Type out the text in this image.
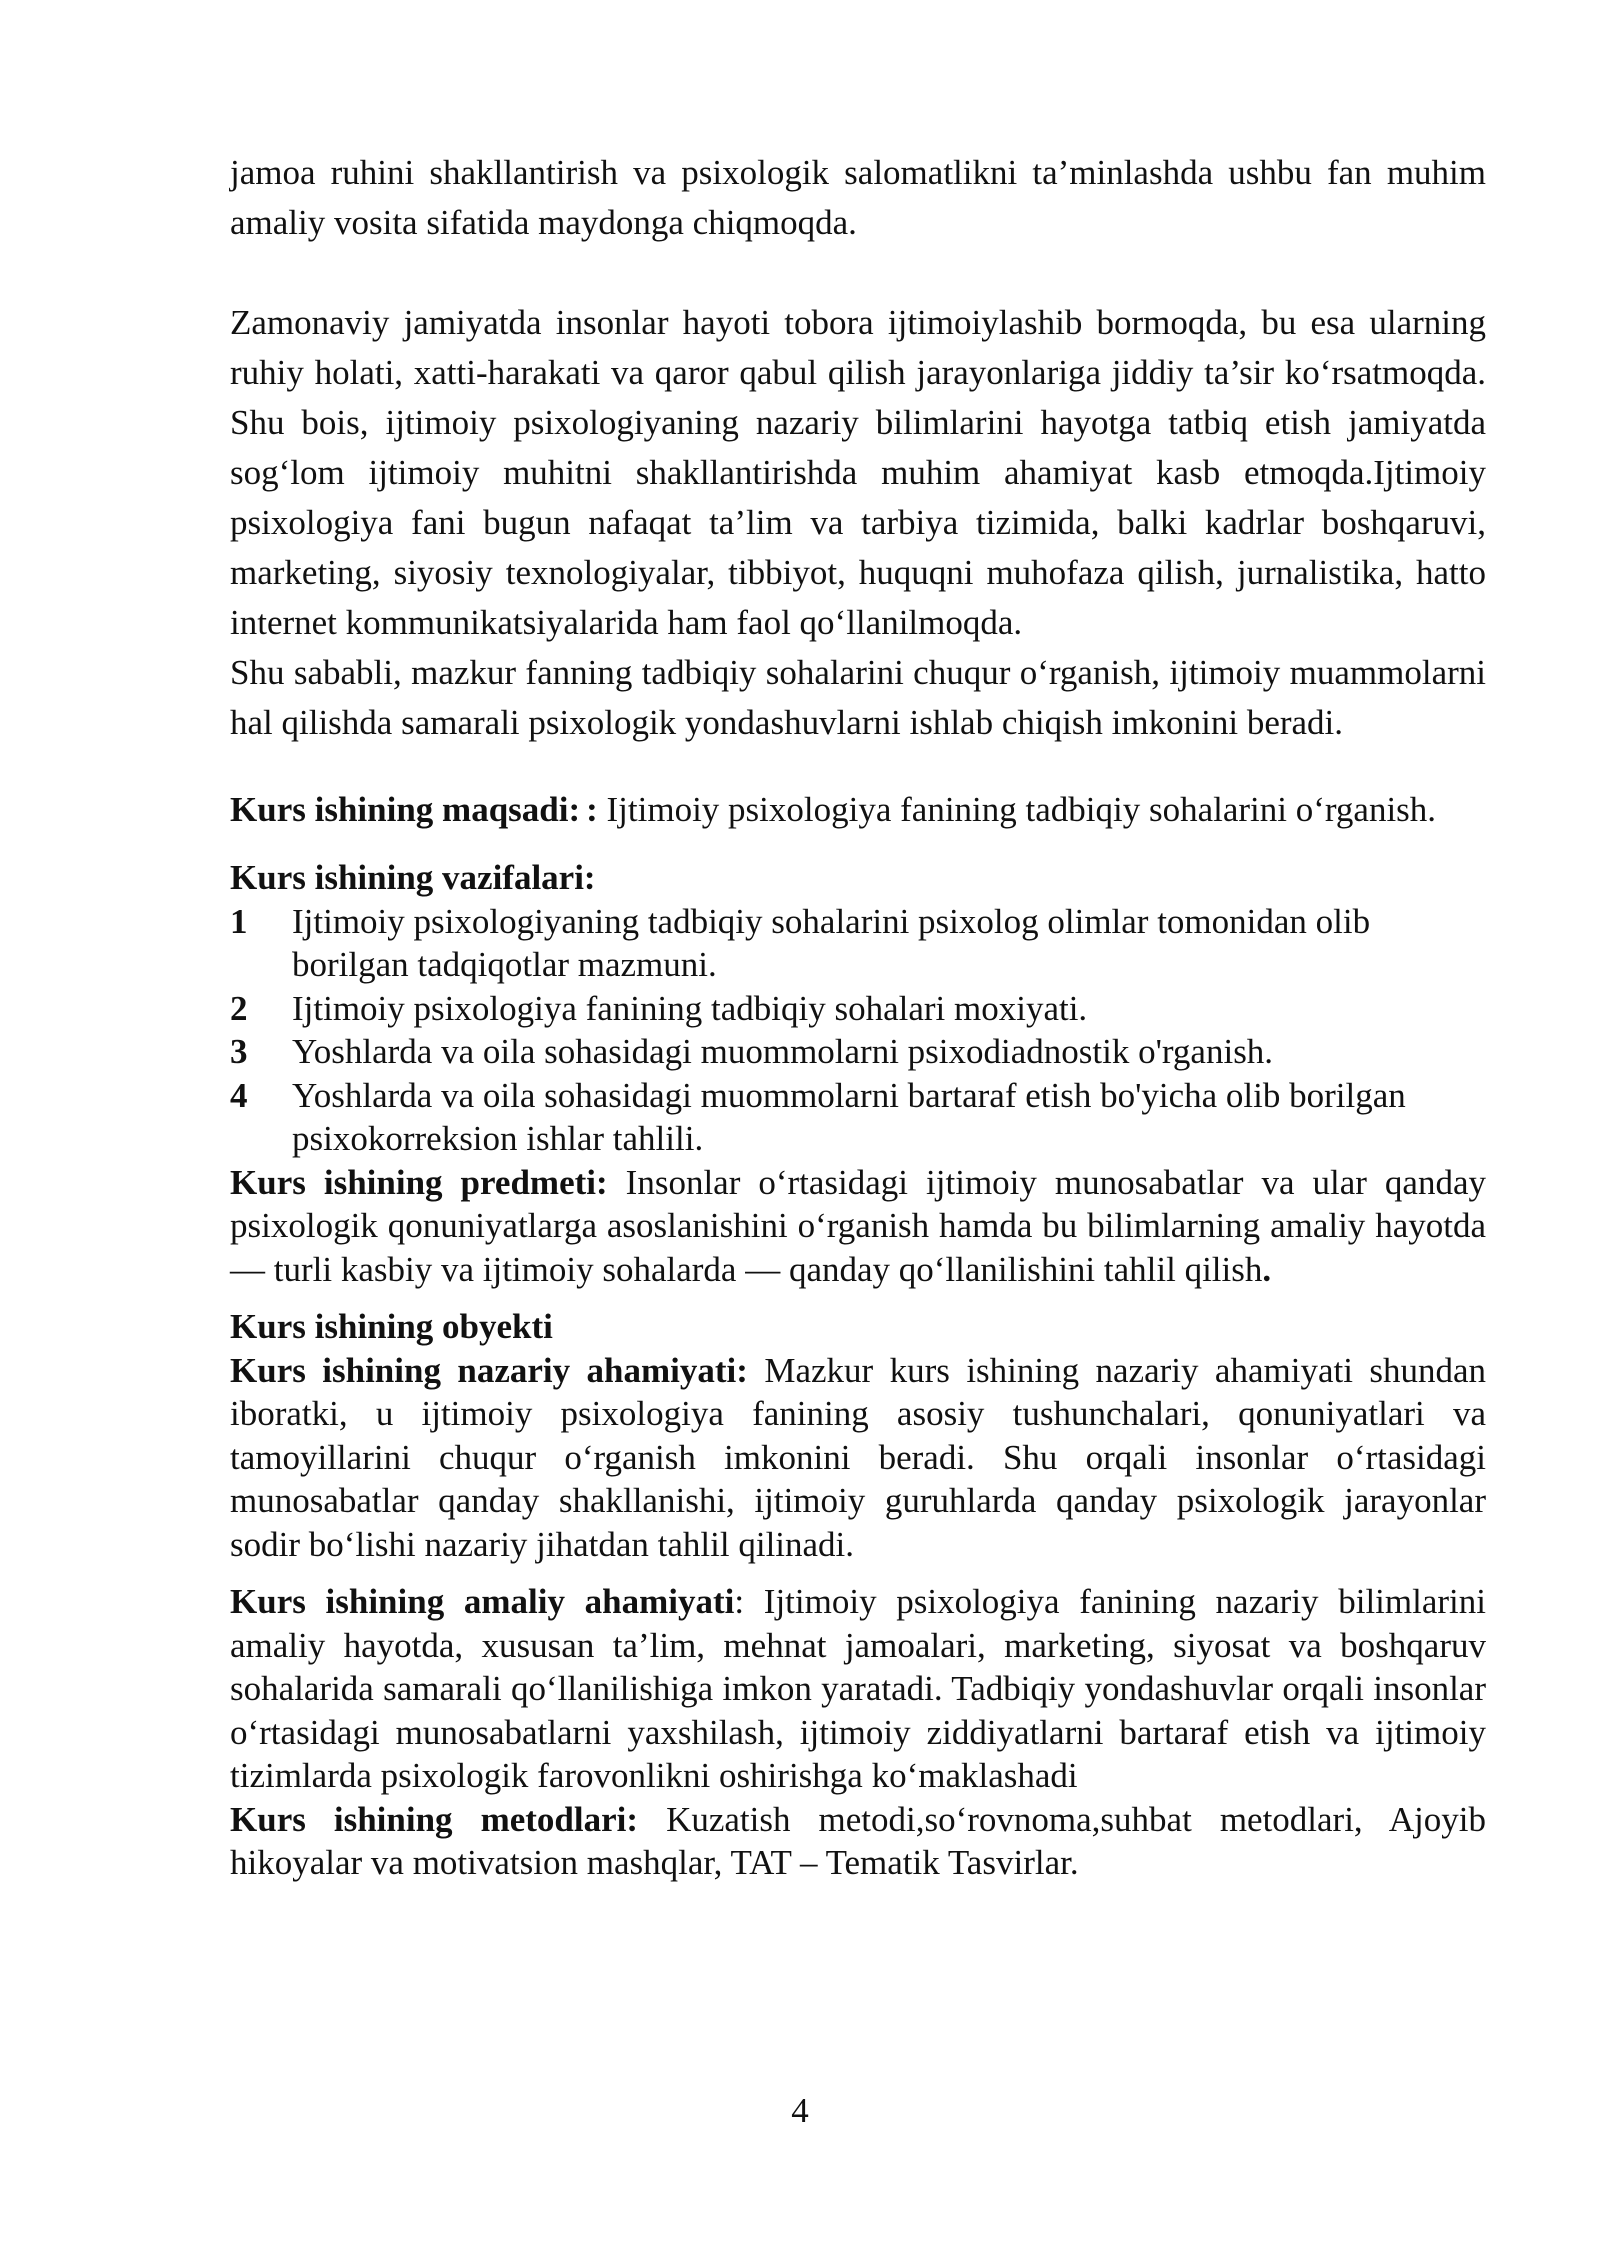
jamoa ruhini shakllantirish va psixologik salomatlikni ta’minlashda ushbu fan muhim amaliy vosita sifatida maydonga chiqmoqda.

Zamonaviy jamiyatda insonlar hayoti tobora ijtimoiylashib bormoqda, bu esa ularning ruhiy holati, xatti-harakati va qaror qabul qilish jarayonlariga jiddiy ta’sir ko‘rsatmoqda. Shu bois, ijtimoiy psixologiyaning nazariy bilimlarini hayotga tatbiq etish jamiyatda sog‘lom ijtimoiy muhitni shakllantirishda muhim ahamiyat kasb etmoqda.Ijtimoiy psixologiya fani bugun nafaqat ta’lim va tarbiya tizimida, balki kadrlar boshqaruvi, marketing, siyosiy texnologiyalar, tibbiyot, huquqni muhofaza qilish, jurnalistika, hatto internet kommunikatsiyalarida ham faol qo‘llanilmoqda.

Shu sababli, mazkur fanning tadbiqiy sohalarini chuqur o‘rganish, ijtimoiy muammolarni hal qilishda samarali psixologik yondashuvlarni ishlab chiqish imkonini beradi.

Kurs ishining maqsadi: : Ijtimoiy psixologiya fanining tadbiqiy sohalarini o‘rganish.

Kurs ishining vazifalari:

1 Ijtimoiy psixologiyaning tadbiqiy sohalarini psixolog olimlar tomonidan olib borilgan tadqiqotlar mazmuni.
2 Ijtimoiy psixologiya fanining tadbiqiy sohalari moxiyati.
3 Yoshlarda va oila sohasidagi muommolarni psixodiadnostik o'rganish.
4 Yoshlarda va oila sohasidagi muommolarni bartaraf etish bo'yicha olib borilgan psixokorreksion ishlar tahlili.

Kurs ishining predmeti: Insonlar o‘rtasidagi ijtimoiy munosabatlar va ular qanday psixologik qonuniyatlarga asoslanishini o‘rganish hamda bu bilimlarning amaliy hayotda — turli kasbiy va ijtimoiy sohalarda — qanday qo‘llanilishini tahlil qilish.

Kurs ishining obyekti

Kurs ishining nazariy ahamiyati: Mazkur kurs ishining nazariy ahamiyati shundan iboratki, u ijtimoiy psixologiya fanining asosiy tushunchalari, qonuniyatlari va tamoyillarini chuqur o‘rganish imkonini beradi. Shu orqali insonlar o‘rtasidagi munosabatlar qanday shakllanishi, ijtimoiy guruhlarda qanday psixologik jarayonlar sodir bo‘lishi nazariy jihatdan tahlil qilinadi.

Kurs ishining amaliy ahamiyati: Ijtimoiy psixologiya fanining nazariy bilimlarini amaliy hayotda, xususan ta’lim, mehnat jamoalari, marketing, siyosat va boshqaruv sohalarida samarali qo‘llanilishiga imkon yaratadi. Tadbiqiy yondashuvlar orqali insonlar o‘rtasidagi munosabatlarni yaxshilash, ijtimoiy ziddiyatlarni bartaraf etish va ijtimoiy tizimlarda psixologik farovonlikni oshirishga ko‘maklashadi

Kurs ishining metodlari: Kuzatish metodi,so‘rovnoma,suhbat metodlari, Ajoyib hikoyalar va motivatsion mashqlar, TAT – Tematik Tasvirlar.

4
